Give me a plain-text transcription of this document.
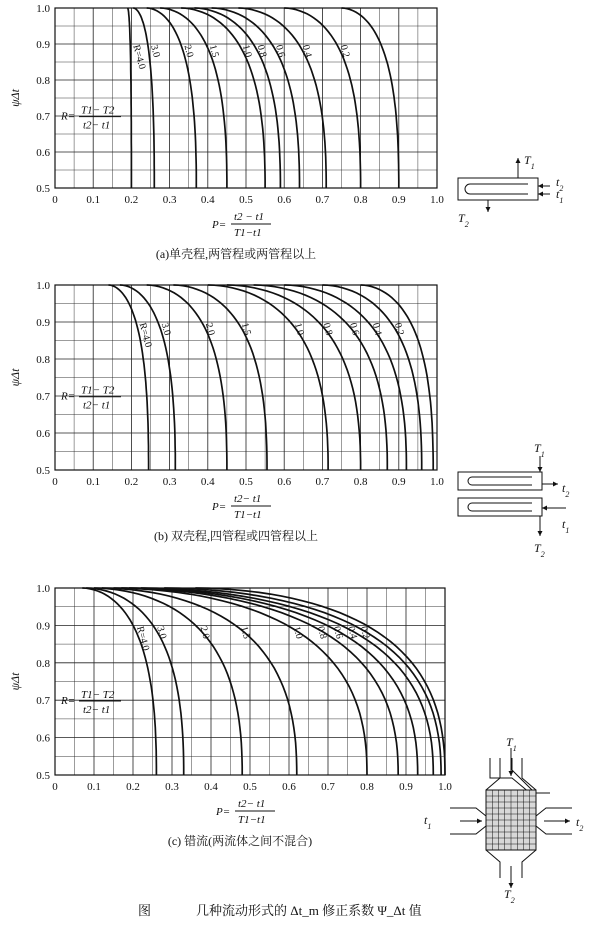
0	0.1 0.2 0.3 0.4 0.5 0.6 0.7 0.8 0.9 1.0
0.5
0.6
0.7
0.8
0.9
1.0
ψΔt
R= T1− T2
t2− t1
P=
t2 − t1
T1−t1
(a)单壳程,两管程或两管程以上
R=4.0 3.0 2.0 1.5 1.0 0.8 0.6 0.4 0.2
$T_1$
$t_2$
$t_1$
$T_2$
0	0.1 0.2 0.3 0.4 0.5 0.6 0.7 0.8 0.9 1.0
0.5
0.6
0.7
0.8
0.9
1.0
ψΔt
R= T1− T2
t2− t1
P=
t2− t1
T1−t1
(b) 双壳程,四管程或四管程以上
R=4.0 3.0	2.0 1.5	1.0 0.8 0.6 0.4 0.2
$T_1$
$t_2$
$t_1$
$T_2$
0	0.1 0.2 0.3 0.4 0.5 0.6 0.7 0.8 0.9 1.0
0.5
0.6
0.7
0.8
0.9
1.0
ψΔt
R= T1− T2
t2− t1
P=
t2− t1
T1−t1
(c) 错流(两流体之间不混合)
R=4.0 3.0	2.0	1.5	1.0 0.8 0.6 0.4
0.2
$T_1$
$t_1$	$t_2$
$T_2$
图	几种流动形式的 Δt_m 修正系数 Ψ_Δt 值
